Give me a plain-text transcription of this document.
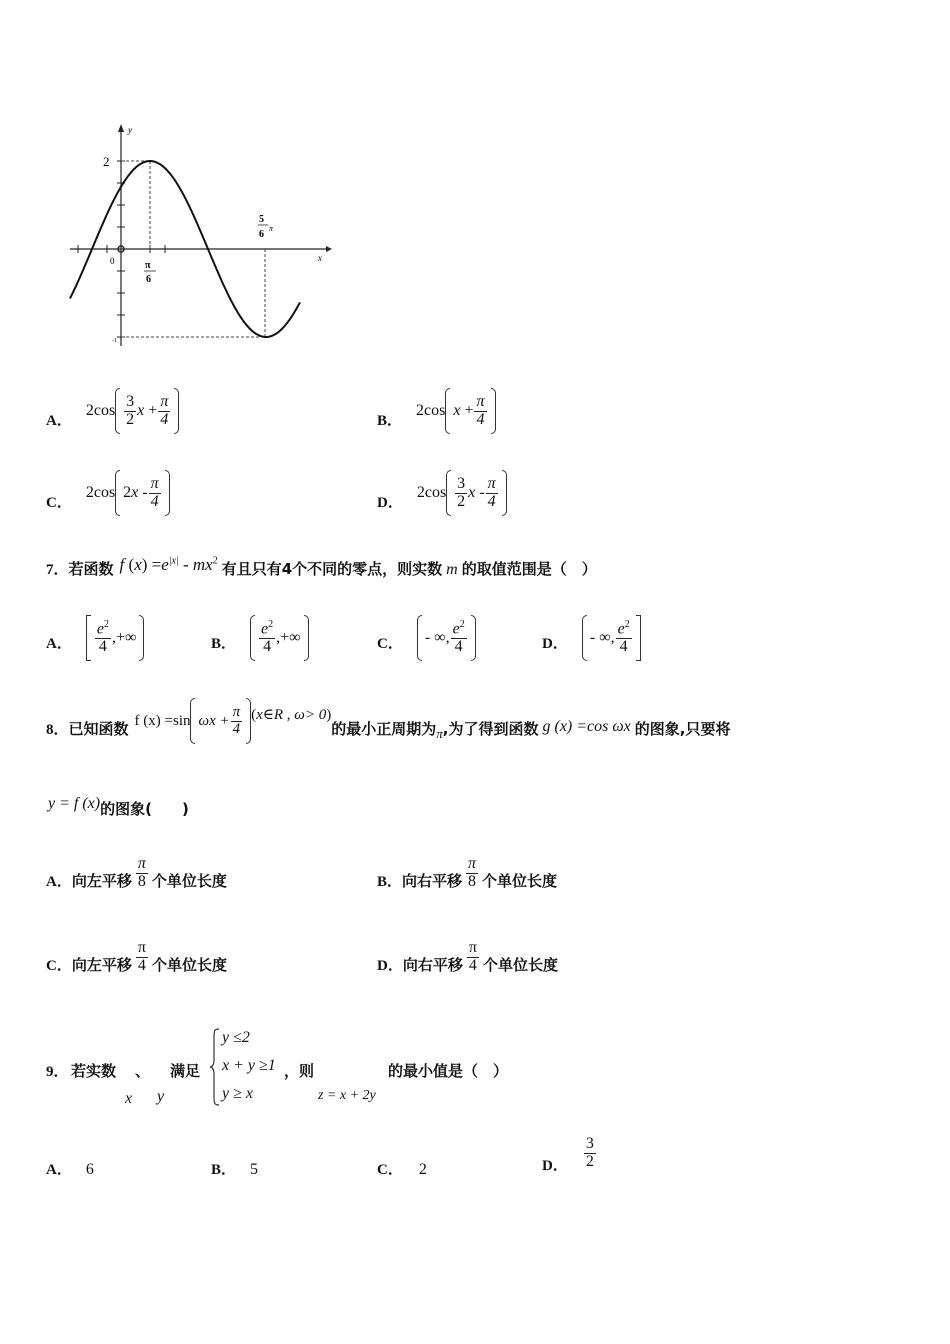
y
x
0
2
-1
π
6
5
6
π
A．
$2\cos \frac{3}{2}$ x
+ $\frac{\pi}{4}$	B．
2cos x
+ $\frac{\pi}{4}$
C．
2cos 2 x
- $\frac{\pi}{4}$	D．
$2\cos \frac{3}{2}$ x
- $\frac{\pi}{4}$
7． 若函数 f $(x) =e^{|x|} - mx^2$ 有且只有4个不同的零点，则实数 m 的取值范围是（　）
A． $\frac{e^2}{4}$ ,+∞	B． $\frac{e^2}{4}$ ,+∞	C． - ∞, $\frac{e^2}{4}$	D． - ∞, $\frac{e^2}{4}$
8． 已知函数 f (x) =sin $\omega x + \frac{\pi}{4}$ (x∈R , ω> 0)
的最小正周期为 π ,为了得到函数 g (x) =cos ωx 的图象,只要将
y = f (x) 的图象(　　)
A． 向左平移 $\frac{\pi}{8}$ 个单位长度	B． 向右平移 $\frac{\pi}{8}$ 个单位长度
C． 向左平移 $\frac{\pi}{4}$ 个单位长度	D． 向右平移 $\frac{\pi}{4}$ 个单位长度
9． 若实数
x
、
y
满足
y ≤2
x + y ≥1
y ≥ x
，则
z = x + 2y
的最小值是（　）
A． 6	B． 5	C． 2	D． $\frac{3}{2}$
